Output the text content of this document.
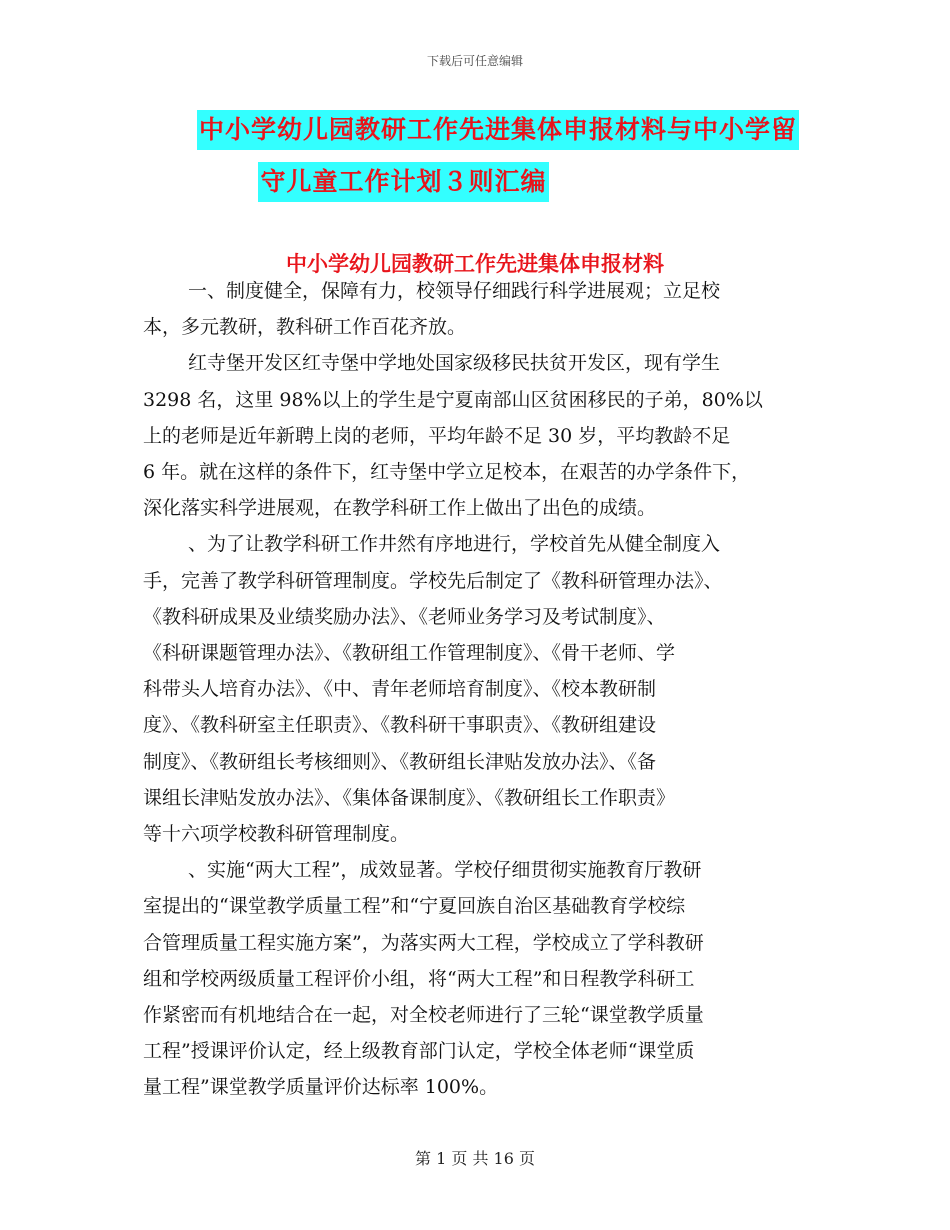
下载后可任意编辑
中小学幼儿园教研工作先进集体申报材料与中小学留
守儿童工作计划３则汇编
中小学幼儿园教研工作先进集体申报材料

一、制度健全，保障有力，校领导仔细践行科学进展观；立足校

本，多元教研，教科研工作百花齐放。

红寺堡开发区红寺堡中学地处国家级移民扶贫开发区，现有学生

3298 名，这里 98%以上的学生是宁夏南部山区贫困移民的子弟，80%以

上的老师是近年新聘上岗的老师，平均年龄不足 30 岁，平均教龄不足

6 年。就在这样的条件下，红寺堡中学立足校本，在艰苦的办学条件下，

深化落实科学进展观，在教学科研工作上做出了出色的成绩。

、为了让教学科研工作井然有序地进行，学校首先从健全制度入

手，完善了教学科研管理制度。学校先后制定了《教科研管理办法》、

《教科研成果及业绩奖励办法》、《老师业务学习及考试制度》、

《科研课题管理办法》、《教研组工作管理制度》、《骨干老师、学

科带头人培育办法》、《中、青年老师培育制度》、《校本教研制

度》、《教科研室主任职责》、《教科研干事职责》、《教研组建设

制度》、《教研组长考核细则》、《教研组长津贴发放办法》、《备

课组长津贴发放办法》、《集体备课制度》、《教研组长工作职责》

等十六项学校教科研管理制度。

、实施“两大工程”，成效显著。学校仔细贯彻实施教育厅教研

室提出的“课堂教学质量工程”和“宁夏回族自治区基础教育学校综

合管理质量工程实施方案”，为落实两大工程，学校成立了学科教研

组和学校两级质量工程评价小组，将“两大工程”和日程教学科研工

作紧密而有机地结合在一起，对全校老师进行了三轮“课堂教学质量

工程”授课评价认定，经上级教育部门认定，学校全体老师“课堂质

量工程”课堂教学质量评价达标率 100%。

第 1 页 共 16 页
